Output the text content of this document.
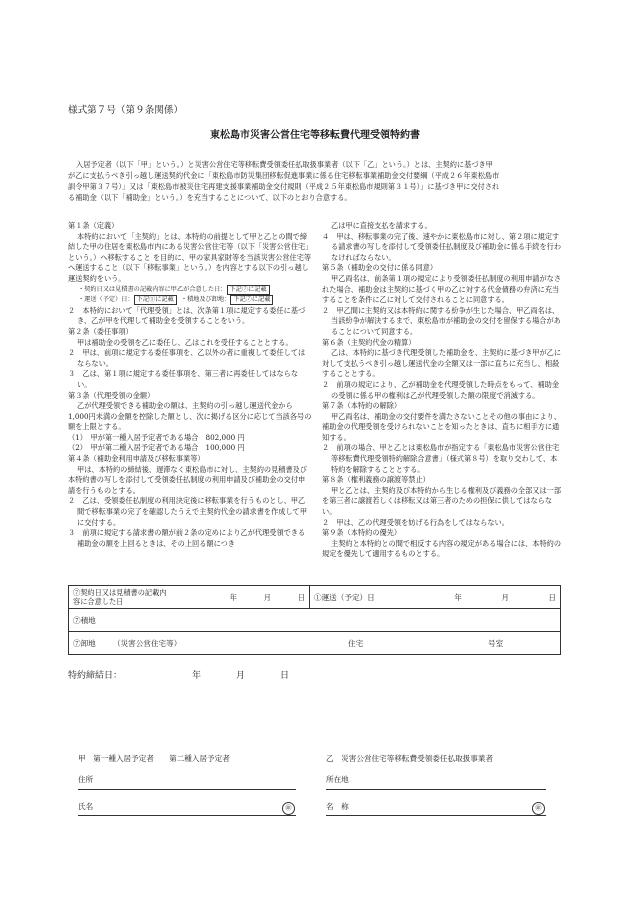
様式第７号（第９条関係）
東松島市災害公営住宅等移転費代理受領特約書
入居予定者（以下「甲」という。）と災害公営住宅等移転費受領委任払取扱事業者（以下「乙」という。）とは、主契約に基づき甲
が乙に支払うべき引っ越し運送契約代金に「東松島市防災集団移転促進事業に係る住宅移転事業補助金交付要綱（平成２６年東松島市
訓令甲第３７号）」又は「東松島市被災住宅再建支援事業補助金交付規則（平成２５年東松島市規則第３１号）」に基づき甲に交付され
る補助金（以下「補助金」という。）を充当することについて、以下のとおり合意する。

第１条（定義）

本特約において「主契約」とは、本特約の前提として甲と乙との間で締結した甲の住居を東松島市内にある災害公営住宅等（以下「災害公営住宅」という。）へ移転すること を目的に、甲の家具家財等を当該災害公営住宅等へ運送すること（以下「移転事業」という。）を内容とする以下の引っ越し運送契約をいう。

・契約日又は見積書の記載内容に甲乙が合意した日： 下記⑦に記載
・運送（予定）日： 下記①に記載 ・積地及び卸地： 下記⑦に記載

２　本特約において「代理受領」とは、次条第１項に規定する委任に基づき、乙が甲を代理して補助金を受領することをいう。

第２条（委任事項）

甲は補助金の受領を乙に委任し、乙はこれを受任することとする。

２　甲は、前項に規定する委任事項を、乙以外の者に重複して委任してはならない。

３　乙は、第１項に規定する委任事項を、第三者に再委任してはならない。

第３条（代理受領の金額）

乙が代理受領できる補助金の額は、主契約の引っ越し運送代金から1,000円未満の金額を控除した額とし、次に掲げる区分に応じて当該各号の額を上限とする。

（1）　甲が第一種入居予定者である場合　802,000 円

（2）　甲が第二種入居予定者である場合　100,000 円

第４条（補助金利用申請及び移転事業等）

甲は、本特約の締結後、遅滞なく東松島市に対し、主契約の見積書及び本特約書の写しを添付して受領委任払制度の利用申請及び補助金の交付申請を行うものとする。

２　乙は、受領委任払制度の利用決定後に移転事業を行うものとし、甲乙間で移転事業の完了を確認したうえで主契約代金の請求書を作成して甲に交付する。

３　前項に規定する請求書の額が前２条の定めにより乙が代理受領できる補助金の額を上回るときは、その上回る額につき

乙は甲に直接支払を請求する。

４　甲は、移転事業の完了後、速やかに東松島市に対し、第２項に規定する請求書の写しを添付して受領委任払制度及び補助金に係る手続を行わなければならない。

第５条（補助金の交付に係る同意）

甲乙両名は、前条第１項の規定により受領委任払制度の利用申請がなされた場合、補助金は主契約に基づく甲の乙に対する代金債務の弁済に充当することを条件に乙に対して交付されることに同意する。

２　甲乙間に主契約又は本特約に関する紛争が生じた場合、甲乙両名は、当該紛争が解決するまで、東松島市が補助金の交付を留保する場合があることについて同意する。

第６条（主契約代金の精算）

乙は、本特約に基づき代理受領した補助金を、主契約に基づき甲が乙に対して支払うべき引っ越し運送代金の全額又は一部に直ちに充当し、相殺することとする。

２　前項の規定により、乙が補助金を代理受領した時点をもって、補助金の受領に係る甲の権利は乙が代理受領した額の限度で消滅する。

第７条（本特約の解除）

甲乙両名は、補助金の交付要件を満たさないことその他の事由により、補助金の代理受領を受けられないことを知ったときは、直ちに相手方に通知する。

２　前項の場合、甲と乙とは東松島市が指定する「東松島市災害公営住宅等移転費代理受領特約解除合意書」（様式第８号）を取り交わして、本特約を解除することとする。

第８条（権利義務の譲渡等禁止）

甲と乙とは、主契約及び本特約から生じる権利及び義務の全部又は一部を第三者に譲渡若しくは移転又は第三者のための担保に供してはならない。

２　甲は、乙の代理受領を妨げる行為をしてはならない。

第９条（本特約の優先）

主契約と本特約との間で相反する内容の規定がある場合には、本特約の規定を優先して適用するものとする。

⑦契約日又は見積書の記載内容に合意した日	年	月	日	①運送（予定）日	年	月	日

⑦積地

⑦卸地	（災害公営住宅等）	住宅	号室
特約締結日：	年	月	日
甲　第一種入居予定者　　第二種入居予定者
住所
氏名	㊞
乙　災害公営住宅等移転費受領委任払取扱事業者
所在地
名　称	㊞
